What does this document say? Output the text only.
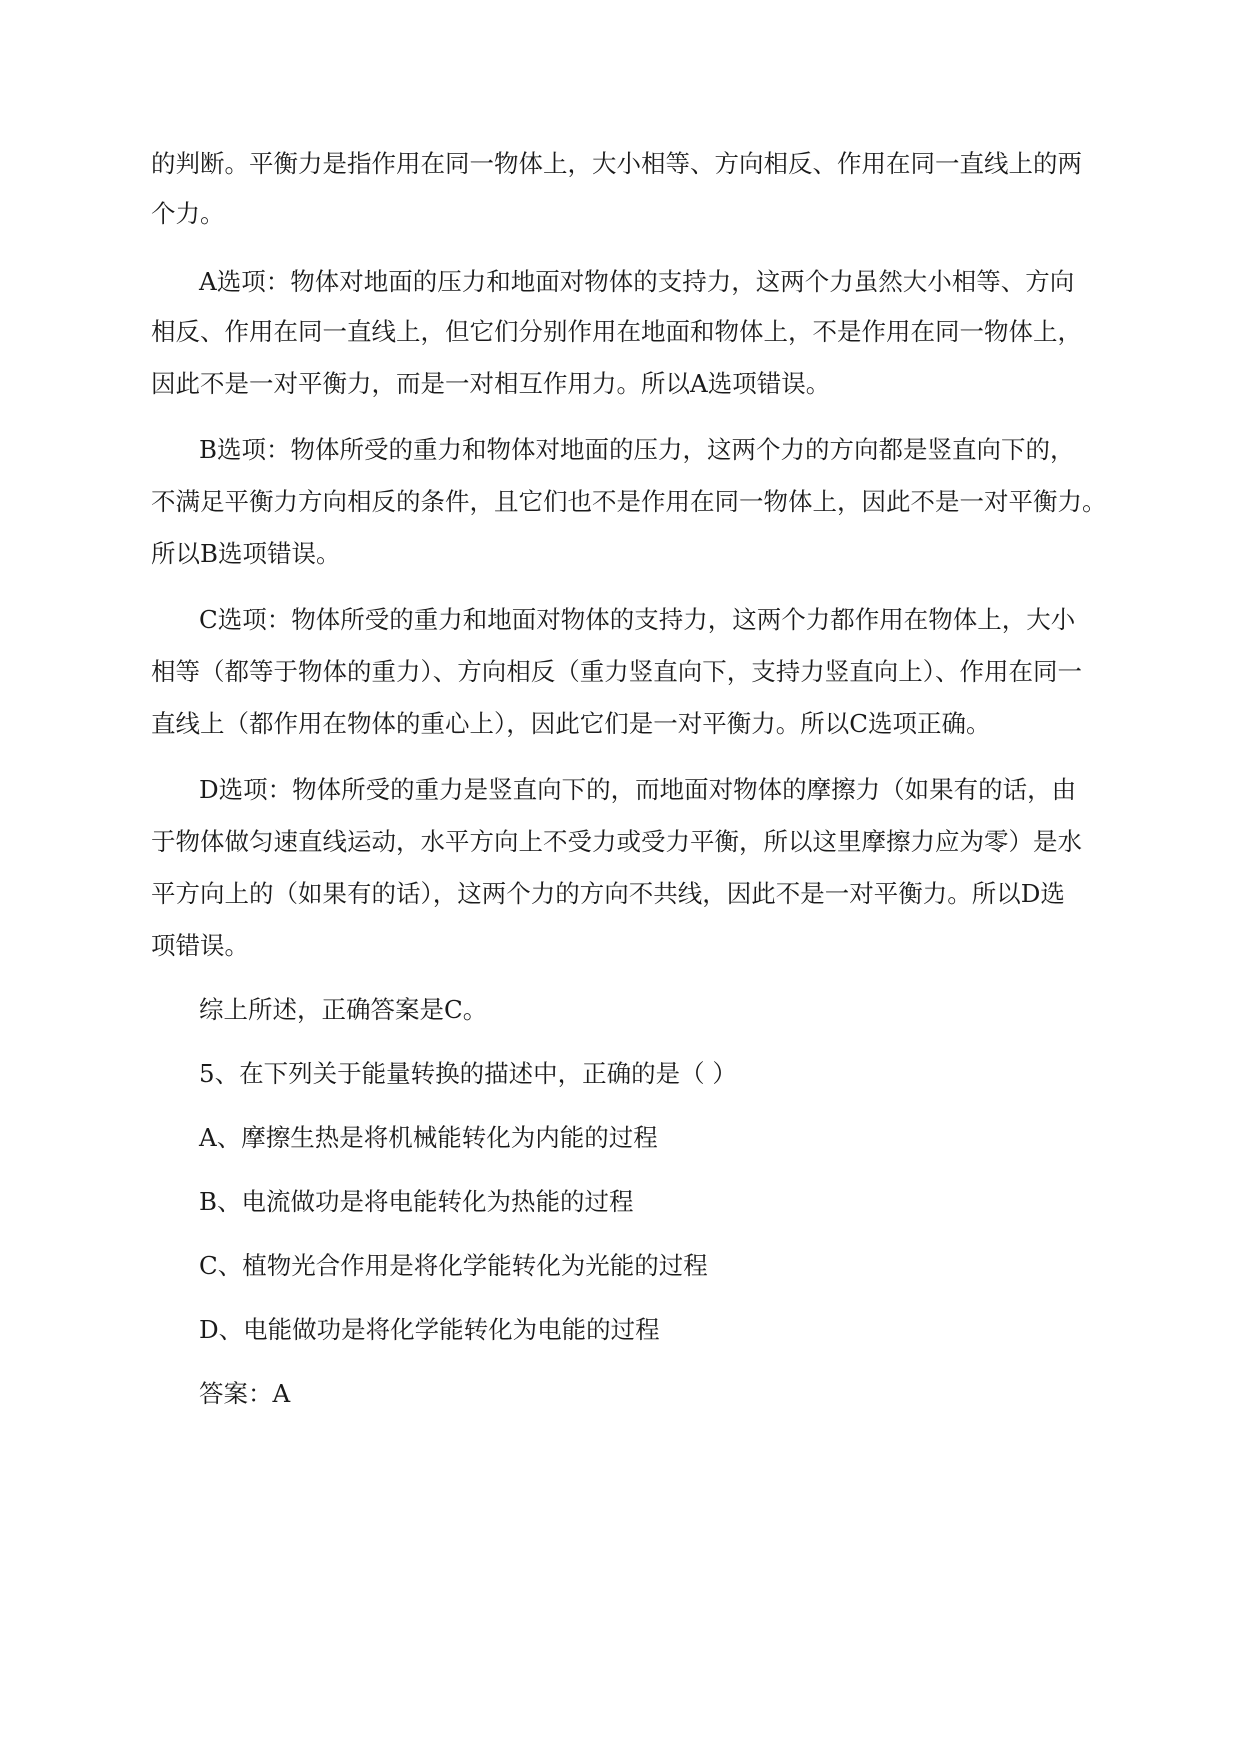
的判断。平衡力是指作用在同一物体上，大小相等、方向相反、作用在同一直线上的两
个力。
A选项：物体对地面的压力和地面对物体的支持力，这两个力虽然大小相等、方向
相反、作用在同一直线上，但它们分别作用在地面和物体上，不是作用在同一物体上，
因此不是一对平衡力，而是一对相互作用力。所以A选项错误。
B选项：物体所受的重力和物体对地面的压力，这两个力的方向都是竖直向下的，
不满足平衡力方向相反的条件，且它们也不是作用在同一物体上，因此不是一对平衡力。
所以B选项错误。
C选项：物体所受的重力和地面对物体的支持力，这两个力都作用在物体上，大小
相等（都等于物体的重力）、方向相反（重力竖直向下，支持力竖直向上）、作用在同一
直线上（都作用在物体的重心上），因此它们是一对平衡力。所以C选项正确。
D选项：物体所受的重力是竖直向下的，而地面对物体的摩擦力（如果有的话，由
于物体做匀速直线运动，水平方向上不受力或受力平衡，所以这里摩擦力应为零）是水
平方向上的（如果有的话），这两个力的方向不共线，因此不是一对平衡力。所以D选
项错误。
综上所述，正确答案是C。
5、在下列关于能量转换的描述中，正确的是（ ）
A、摩擦生热是将机械能转化为内能的过程
B、电流做功是将电能转化为热能的过程
C、植物光合作用是将化学能转化为光能的过程
D、电能做功是将化学能转化为电能的过程
答案：A
